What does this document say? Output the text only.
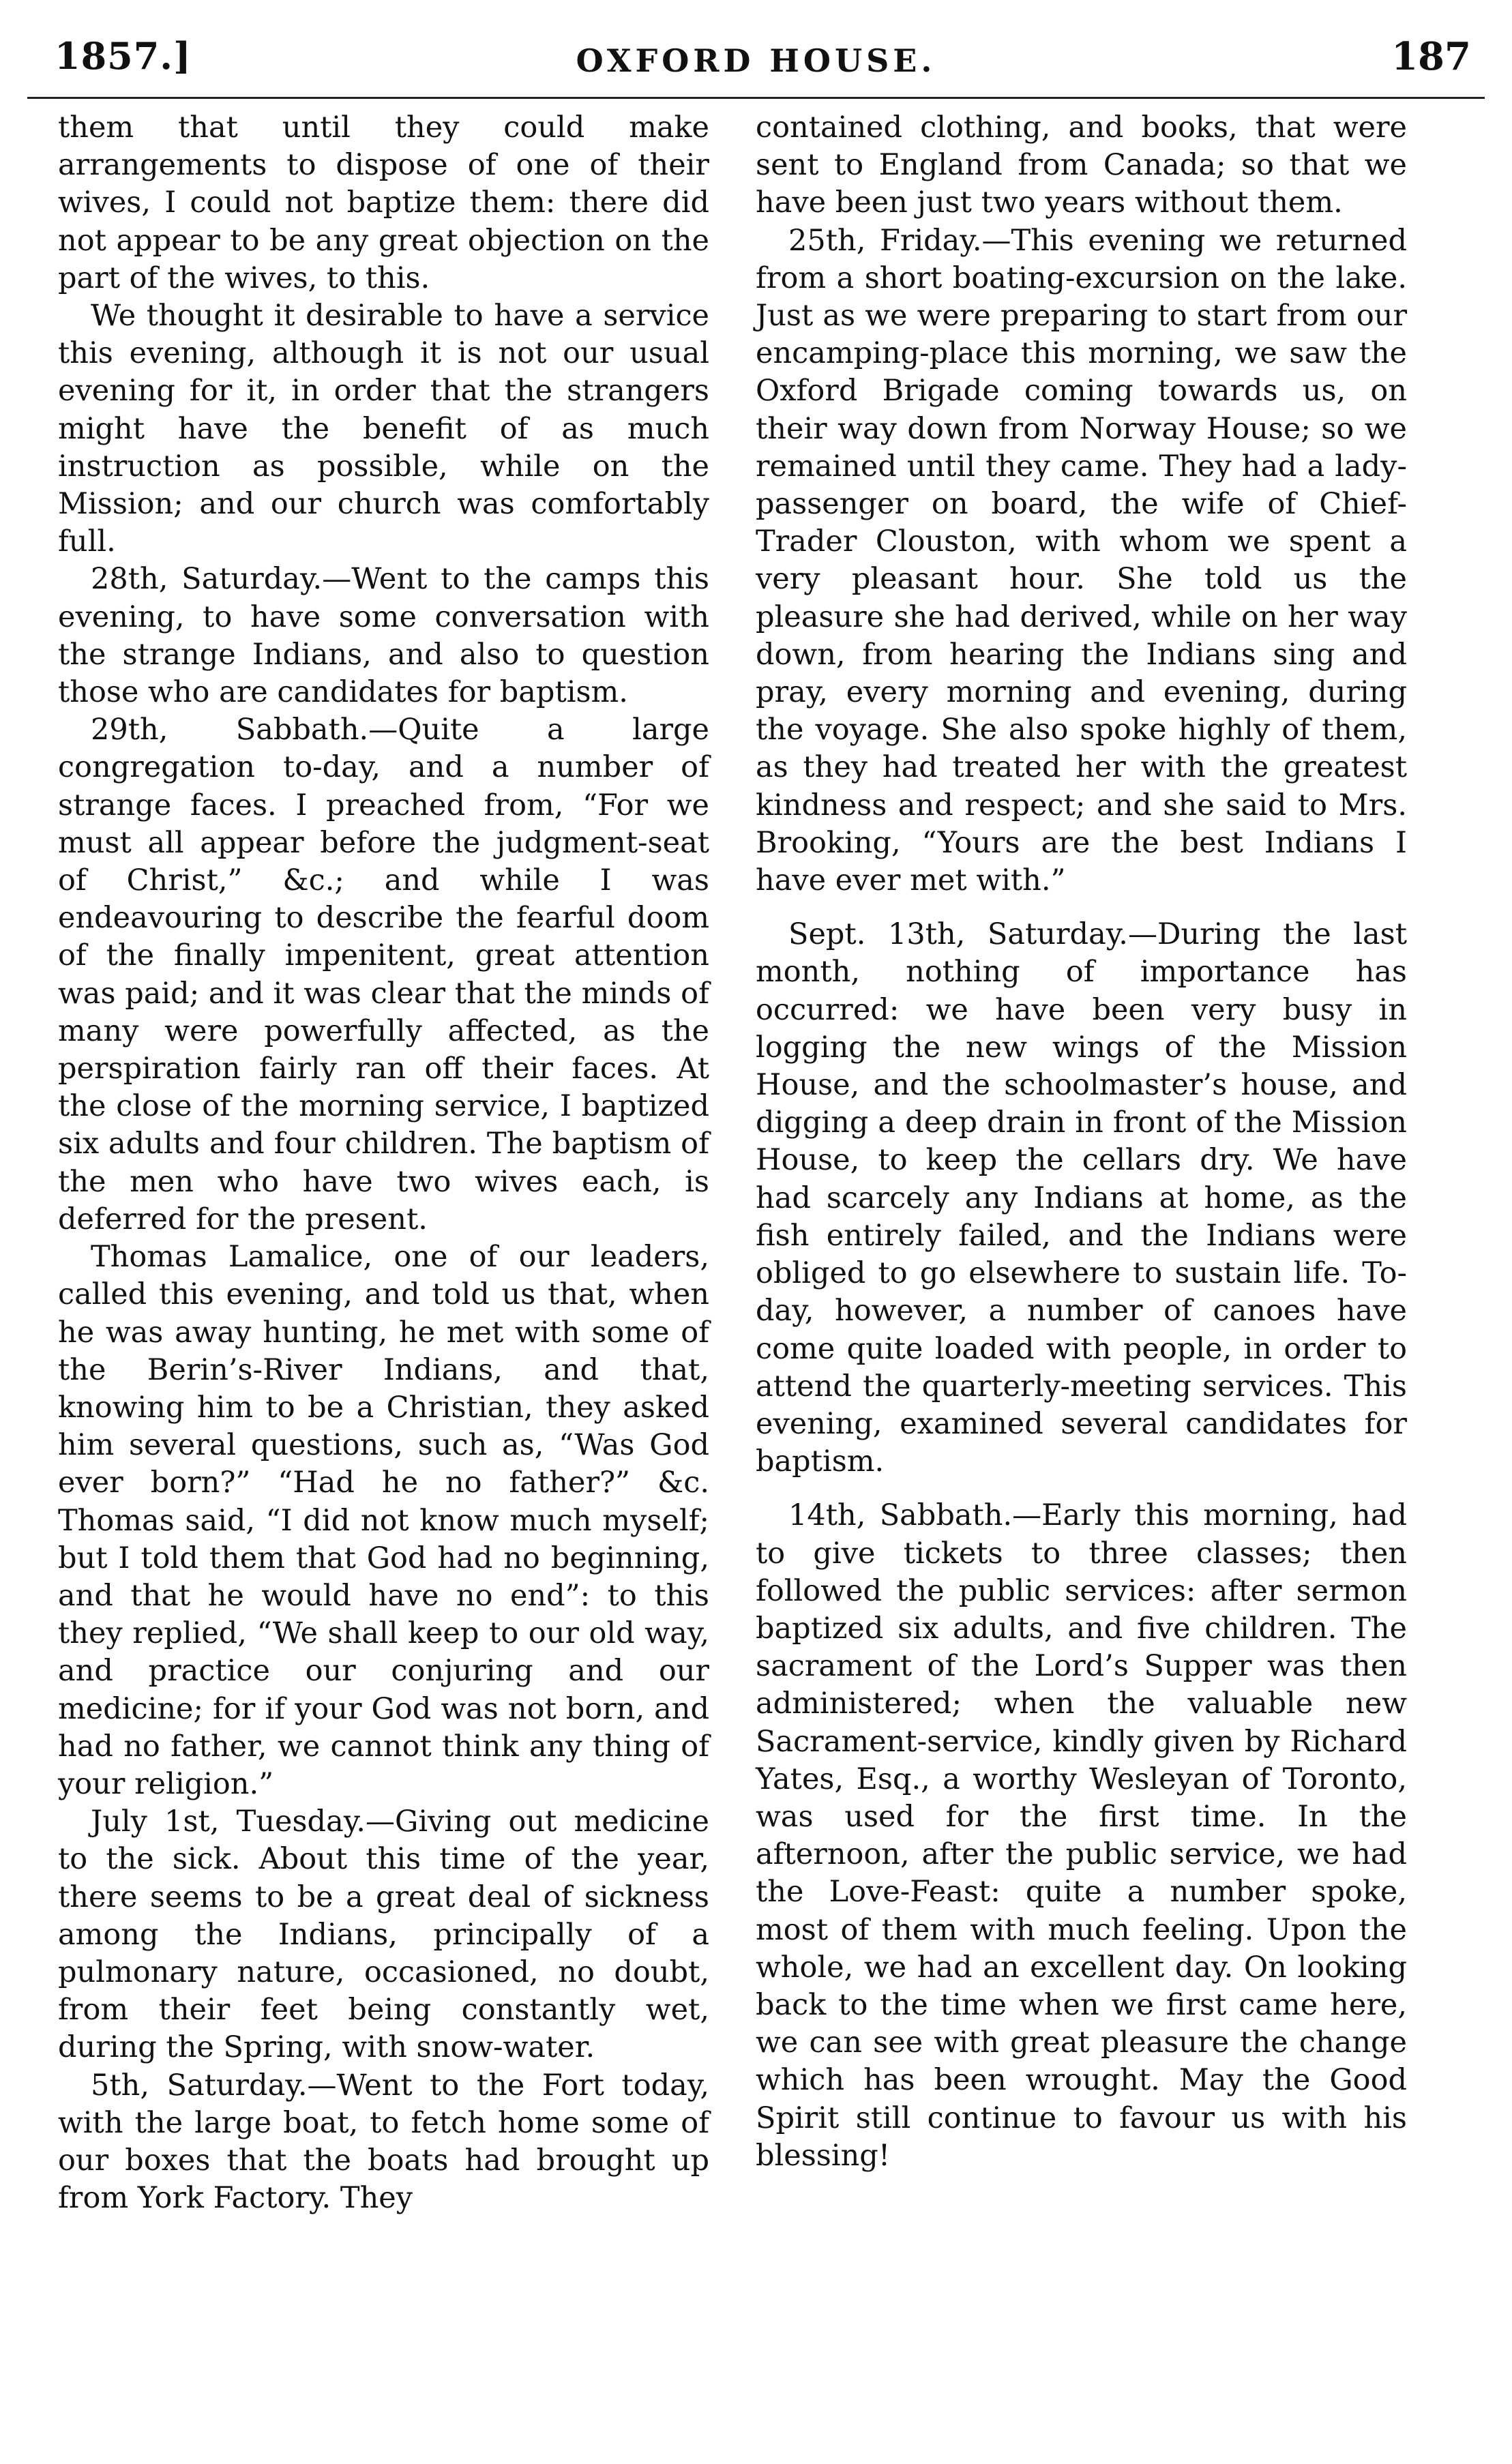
1857.]	OXFORD HOUSE.	187

them that until they could make arrangements to dispose of one of their wives, I could not baptize them: there did not appear to be any great objection on the part of the wives, to this.

We thought it desirable to have a service this evening, although it is not our usual evening for it, in order that the strangers might have the benefit of as much instruction as possible, while on the Mission; and our church was comfortably full.

28th, Saturday.—Went to the camps this evening, to have some conversation with the strange Indians, and also to question those who are candidates for baptism.

29th, Sabbath.—Quite a large congregation to-day, and a number of strange faces. I preached from, “For we must all appear before the judgment-seat of Christ,” &c.; and while I was endeavouring to describe the fearful doom of the finally impenitent, great attention was paid; and it was clear that the minds of many were powerfully affected, as the perspiration fairly ran off their faces. At the close of the morning service, I baptized six adults and four children. The baptism of the men who have two wives each, is deferred for the present.

Thomas Lamalice, one of our leaders, called this evening, and told us that, when he was away hunting, he met with some of the Berin’s-River Indians, and that, knowing him to be a Christian, they asked him several questions, such as, “Was God ever born?” “Had he no father?” &c. Thomas said, “I did not know much myself; but I told them that God had no beginning, and that he would have no end”: to this they replied, “We shall keep to our old way, and practice our conjuring and our medicine; for if your God was not born, and had no father, we cannot think any thing of your religion.”

July 1st, Tuesday.—Giving out medicine to the sick. About this time of the year, there seems to be a great deal of sickness among the Indians, principally of a pulmonary nature, occasioned, no doubt, from their feet being constantly wet, during the Spring, with snow-water.

5th, Saturday.—Went to the Fort today, with the large boat, to fetch home some of our boxes that the boats had brought up from York Factory. They

contained clothing, and books, that were sent to England from Canada; so that we have been just two years without them.

25th, Friday.—This evening we returned from a short boating-excursion on the lake. Just as we were preparing to start from our encamping-place this morning, we saw the Oxford Brigade coming towards us, on their way down from Norway House; so we remained until they came. They had a lady-passenger on board, the wife of Chief-Trader Clouston, with whom we spent a very pleasant hour. She told us the pleasure she had derived, while on her way down, from hearing the Indians sing and pray, every morning and evening, during the voyage. She also spoke highly of them, as they had treated her with the greatest kindness and respect; and she said to Mrs. Brooking, “Yours are the best Indians I have ever met with.”

Sept. 13th, Saturday.—During the last month, nothing of importance has occurred: we have been very busy in logging the new wings of the Mission House, and the schoolmaster’s house, and digging a deep drain in front of the Mission House, to keep the cellars dry. We have had scarcely any Indians at home, as the fish entirely failed, and the Indians were obliged to go elsewhere to sustain life. To-day, however, a number of canoes have come quite loaded with people, in order to attend the quarterly-meeting services. This evening, examined several candidates for baptism.

14th, Sabbath.—Early this morning, had to give tickets to three classes; then followed the public services: after sermon baptized six adults, and five children. The sacrament of the Lord’s Supper was then administered; when the valuable new Sacrament-service, kindly given by Richard Yates, Esq., a worthy Wesleyan of Toronto, was used for the first time. In the afternoon, after the public service, we had the Love-Feast: quite a number spoke, most of them with much feeling. Upon the whole, we had an excellent day. On looking back to the time when we first came here, we can see with great pleasure the change which has been wrought. May the Good Spirit still continue to favour us with his blessing!
